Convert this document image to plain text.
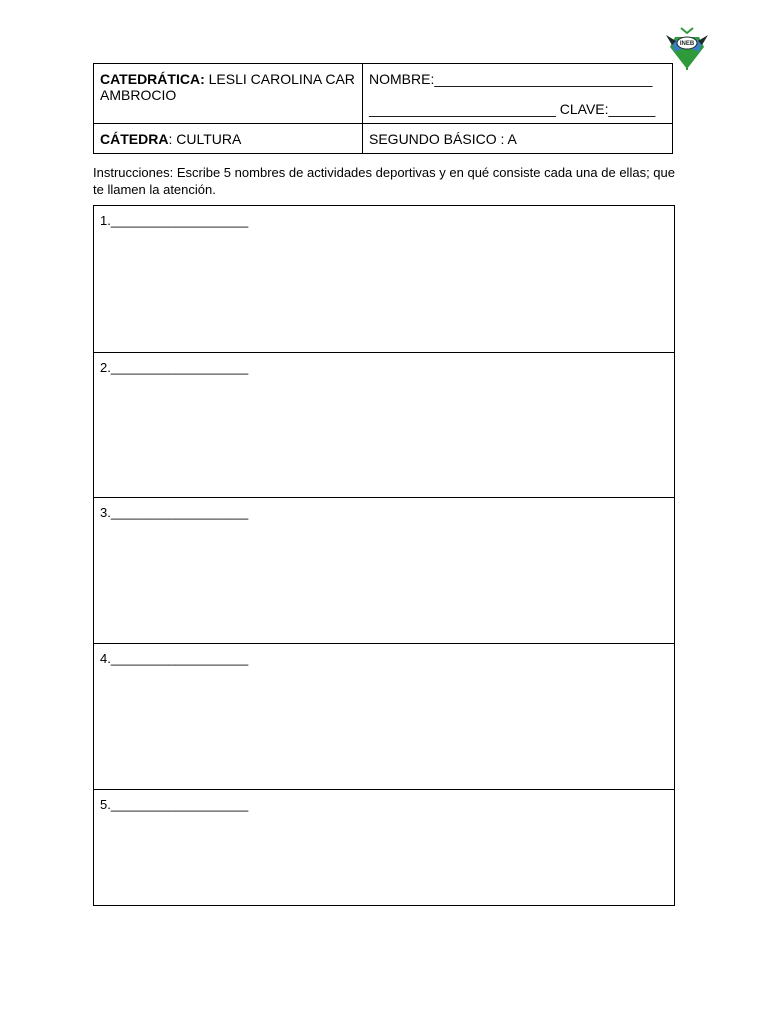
INEB
CATEDRÁTICA: LESLI CAROLINA CAR AMBROCIO	NOMBRE:____________________________
________________________ CLAVE:______

CÁTEDRA: CULTURA	SEGUNDO BÁSICO : A
Instrucciones: Escribe 5 nombres de actividades deportivas y en qué consiste cada una de ellas; que te llamen la atención.
1.___________________
2.___________________
3.___________________
4.___________________
5.___________________
